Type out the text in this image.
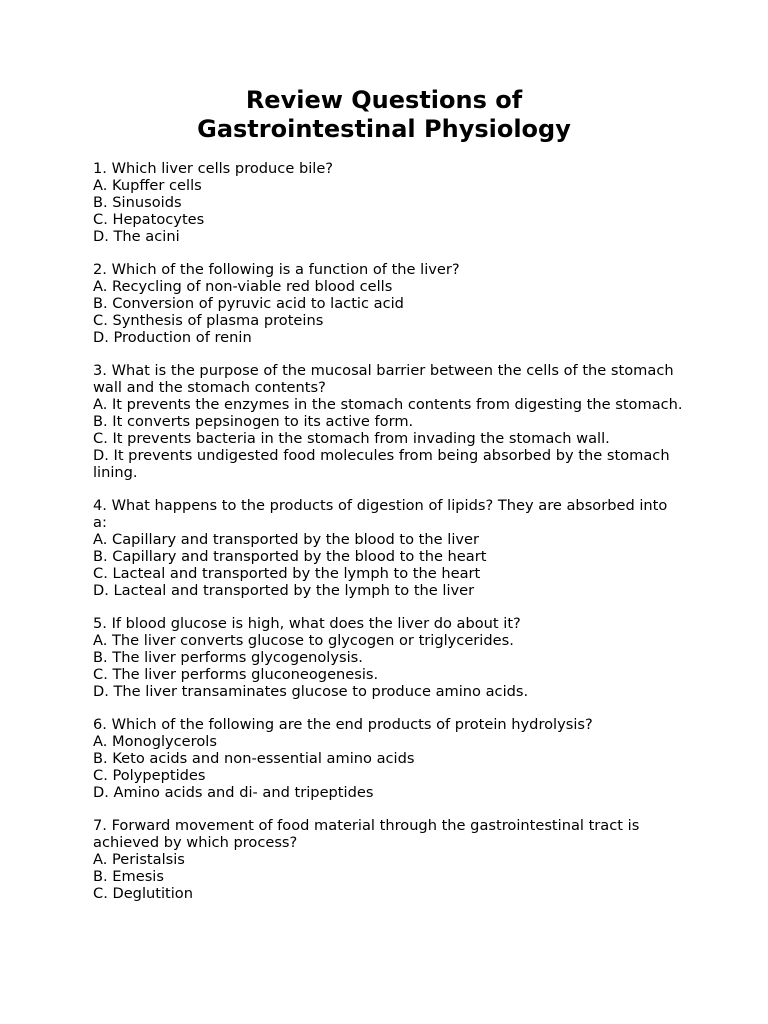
Review Questions of
Gastrointestinal Physiology
1. Which liver cells produce bile?
A. Kupffer cells
B. Sinusoids
C. Hepatocytes
D. The acini
2. Which of the following is a function of the liver?
A. Recycling of non-viable red blood cells
B. Conversion of pyruvic acid to lactic acid
C. Synthesis of plasma proteins
D. Production of renin
3. What is the purpose of the mucosal barrier between the cells of the stomach wall and the stomach contents?
A. It prevents the enzymes in the stomach contents from digesting the stomach.
B. It converts pepsinogen to its active form.
C. It prevents bacteria in the stomach from invading the stomach wall.
D. It prevents undigested food molecules from being absorbed by the stomach lining.
4. What happens to the products of digestion of lipids? They are absorbed into a:
A. Capillary and transported by the blood to the liver
B. Capillary and transported by the blood to the heart
C. Lacteal and transported by the lymph to the heart
D. Lacteal and transported by the lymph to the liver
5. If blood glucose is high, what does the liver do about it?
A. The liver converts glucose to glycogen or triglycerides.
B. The liver performs glycogenolysis.
C. The liver performs gluconeogenesis.
D. The liver transaminates glucose to produce amino acids.
6. Which of the following are the end products of protein hydrolysis?
A. Monoglycerols
B. Keto acids and non-essential amino acids
C. Polypeptides
D. Amino acids and di- and tripeptides
7. Forward movement of food material through the gastrointestinal tract is achieved by which process?
A. Peristalsis
B. Emesis
C. Deglutition
